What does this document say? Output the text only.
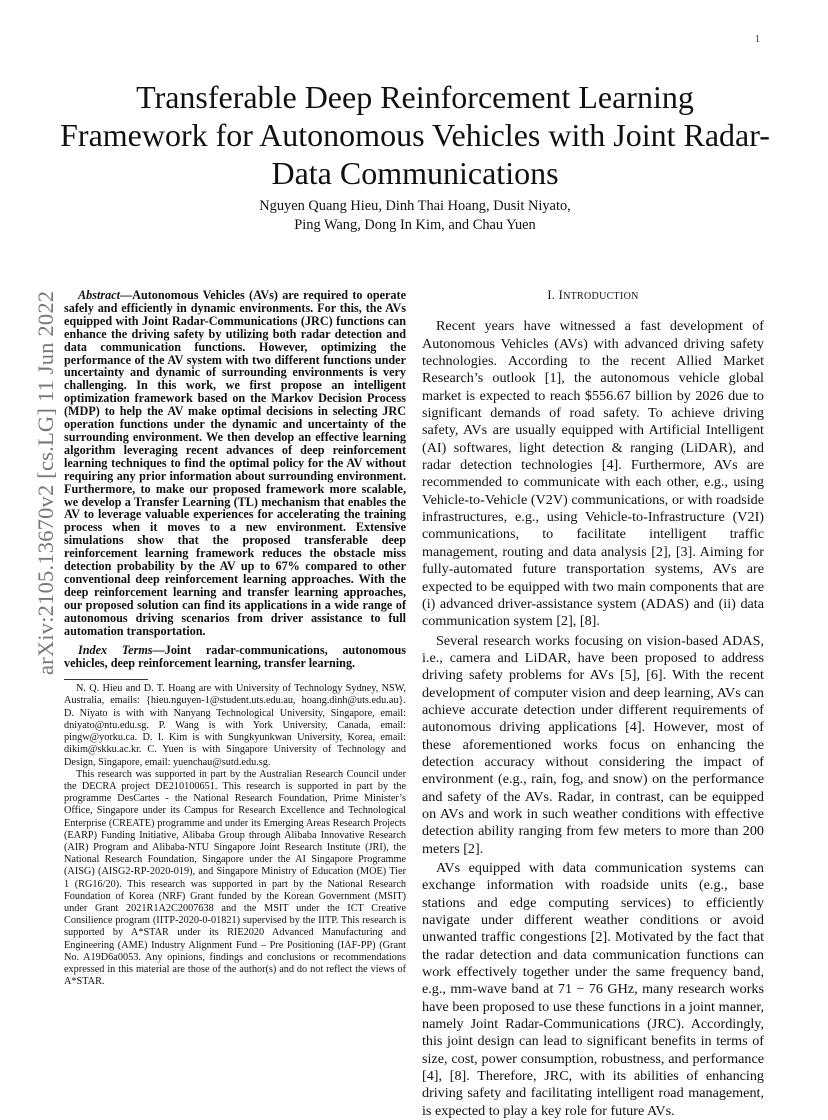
1
arXiv:2105.13670v2 [cs.LG] 11 Jun 2022
Transferable Deep Reinforcement Learning Framework for Autonomous Vehicles with Joint Radar-Data Communications
Nguyen Quang Hieu, Dinh Thai Hoang, Dusit Niyato,
Ping Wang, Dong In Kim, and Chau Yuen

Abstract—Autonomous Vehicles (AVs) are required to operate safely and efficiently in dynamic environments. For this, the AVs equipped with Joint Radar-Communications (JRC) functions can enhance the driving safety by utilizing both radar detection and data communication functions. However, optimizing the performance of the AV system with two different functions under uncertainty and dynamic of surrounding environments is very challenging. In this work, we first propose an intelligent optimization framework based on the Markov Decision Process (MDP) to help the AV make optimal decisions in selecting JRC operation functions under the dynamic and uncertainty of the surrounding environment. We then develop an effective learning algorithm leveraging recent advances of deep reinforcement learning techniques to find the optimal policy for the AV without requiring any prior information about surrounding environment. Furthermore, to make our proposed framework more scalable, we develop a Transfer Learning (TL) mechanism that enables the AV to leverage valuable experiences for accelerating the training process when it moves to a new environment. Extensive simulations show that the proposed transferable deep reinforcement learning framework reduces the obstacle miss detection probability by the AV up to 67% compared to other conventional deep reinforcement learning approaches. With the deep reinforcement learning and transfer learning approaches, our proposed solution can find its applications in a wide range of autonomous driving scenarios from driver assistance to full automation transportation.

Index Terms—Joint radar-communications, autonomous vehicles, deep reinforcement learning, transfer learning.

N. Q. Hieu and D. T. Hoang are with University of Technology Sydney, NSW, Australia, emails: {hieu.nguyen-1@student.uts.edu.au, hoang.dinh@uts.edu.au}. D. Niyato is with with Nanyang Technological University, Singapore, email: dniyato@ntu.edu.sg. P. Wang is with York University, Canada, email: pingw@yorku.ca. D. I. Kim is with Sungkyunkwan University, Korea, email: dikim@skku.ac.kr. C. Yuen is with Singapore University of Technology and Design, Singapore, email: yuenchau@sutd.edu.sg.

This research was supported in part by the Australian Research Council under the DECRA project DE210100651. This research is supported in part by the programme DesCartes - the National Research Foundation, Prime Minister’s Office, Singapore under its Campus for Research Excellence and Technological Enterprise (CREATE) programme and under its Emerging Areas Research Projects (EARP) Funding Initiative, Alibaba Group through Alibaba Innovative Research (AIR) Program and Alibaba-NTU Singapore Joint Research Institute (JRI), the National Research Foundation, Singapore under the AI Singapore Programme (AISG) (AISG2-RP-2020-019), and Singapore Ministry of Education (MOE) Tier 1 (RG16/20). This research was supported in part by the National Research Foundation of Korea (NRF) Grant funded by the Korean Government (MSIT) under Grant 2021R1A2C2007638 and the MSIT under the ICT Creative Consilience program (IITP-2020-0-01821) supervised by the IITP. This research is supported by A*STAR under its RIE2020 Advanced Manufacturing and Engineering (AME) Industry Alignment Fund – Pre Positioning (IAF-PP) (Grant No. A19D6a0053. Any opinions, findings and conclusions or recommendations expressed in this material are those of the author(s) and do not reflect the views of A*STAR.

I. INTRODUCTION

Recent years have witnessed a fast development of Autonomous Vehicles (AVs) with advanced driving safety technologies. According to the recent Allied Market Research’s outlook [1], the autonomous vehicle global market is expected to reach $556.67 billion by 2026 due to significant demands of road safety. To achieve driving safety, AVs are usually equipped with Artificial Intelligent (AI) softwares, light detection & ranging (LiDAR), and radar detection technologies [4]. Furthermore, AVs are recommended to communicate with each other, e.g., using Vehicle-to-Vehicle (V2V) communications, or with roadside infrastructures, e.g., using Vehicle-to-Infrastructure (V2I) communications, to facilitate intelligent traffic management, routing and data analysis [2], [3]. Aiming for fully-automated future transportation systems, AVs are expected to be equipped with two main components that are (i) advanced driver-assistance system (ADAS) and (ii) data communication system [2], [8].

Several research works focusing on vision-based ADAS, i.e., camera and LiDAR, have been proposed to address driving safety problems for AVs [5], [6]. With the recent development of computer vision and deep learning, AVs can achieve accurate detection under different requirements of autonomous driving applications [4]. However, most of these aforementioned works focus on enhancing the detection accuracy without considering the impact of environment (e.g., rain, fog, and snow) on the performance and safety of the AVs. Radar, in contrast, can be equipped on AVs and work in such weather conditions with effective detection ability ranging from few meters to more than 200 meters [2].

AVs equipped with data communication systems can exchange information with roadside units (e.g., base stations and edge computing services) to efficiently navigate under different weather conditions or avoid unwanted traffic congestions [2]. Motivated by the fact that the radar detection and data communication functions can work effectively together under the same frequency band, e.g., mm-wave band at 71 − 76 GHz, many research works have been proposed to use these functions in a joint manner, namely Joint Radar-Communications (JRC). Accordingly, this joint design can lead to significant benefits in terms of size, cost, power consumption, robustness, and performance [4], [8]. Therefore, JRC, with its abilities of enhancing driving safety and facilitating intelligent road management, is expected to play a key role for future AVs.
